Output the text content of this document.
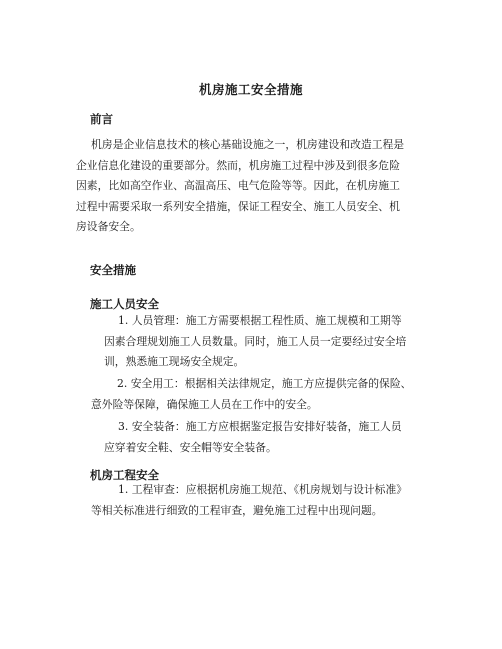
机房施工安全措施
前言
机房是企业信息技术的核心基础设施之一，机房建设和改造工程是
企业信息化建设的重要部分。然而，机房施工过程中涉及到很多危险
因素，比如高空作业、高温高压、电气危险等等。因此，在机房施工
过程中需要采取一系列安全措施，保证工程安全、施工人员安全、机
房设备安全。
安全措施
施工人员安全
1. 人员管理：施工方需要根据工程性质、施工规模和工期等
因素合理规划施工人员数量。同时，施工人员一定要经过安全培
训，熟悉施工现场安全规定。
2. 安全用工：根据相关法律规定，施工方应提供完备的保险、
意外险等保障，确保施工人员在工作中的安全。
3. 安全装备：施工方应根据鉴定报告安排好装备，施工人员
应穿着安全鞋、安全帽等安全装备。
机房工程安全
1. 工程审查：应根据机房施工规范、《机房规划与设计标准》
等相关标准进行细致的工程审查，避免施工过程中出现问题。
